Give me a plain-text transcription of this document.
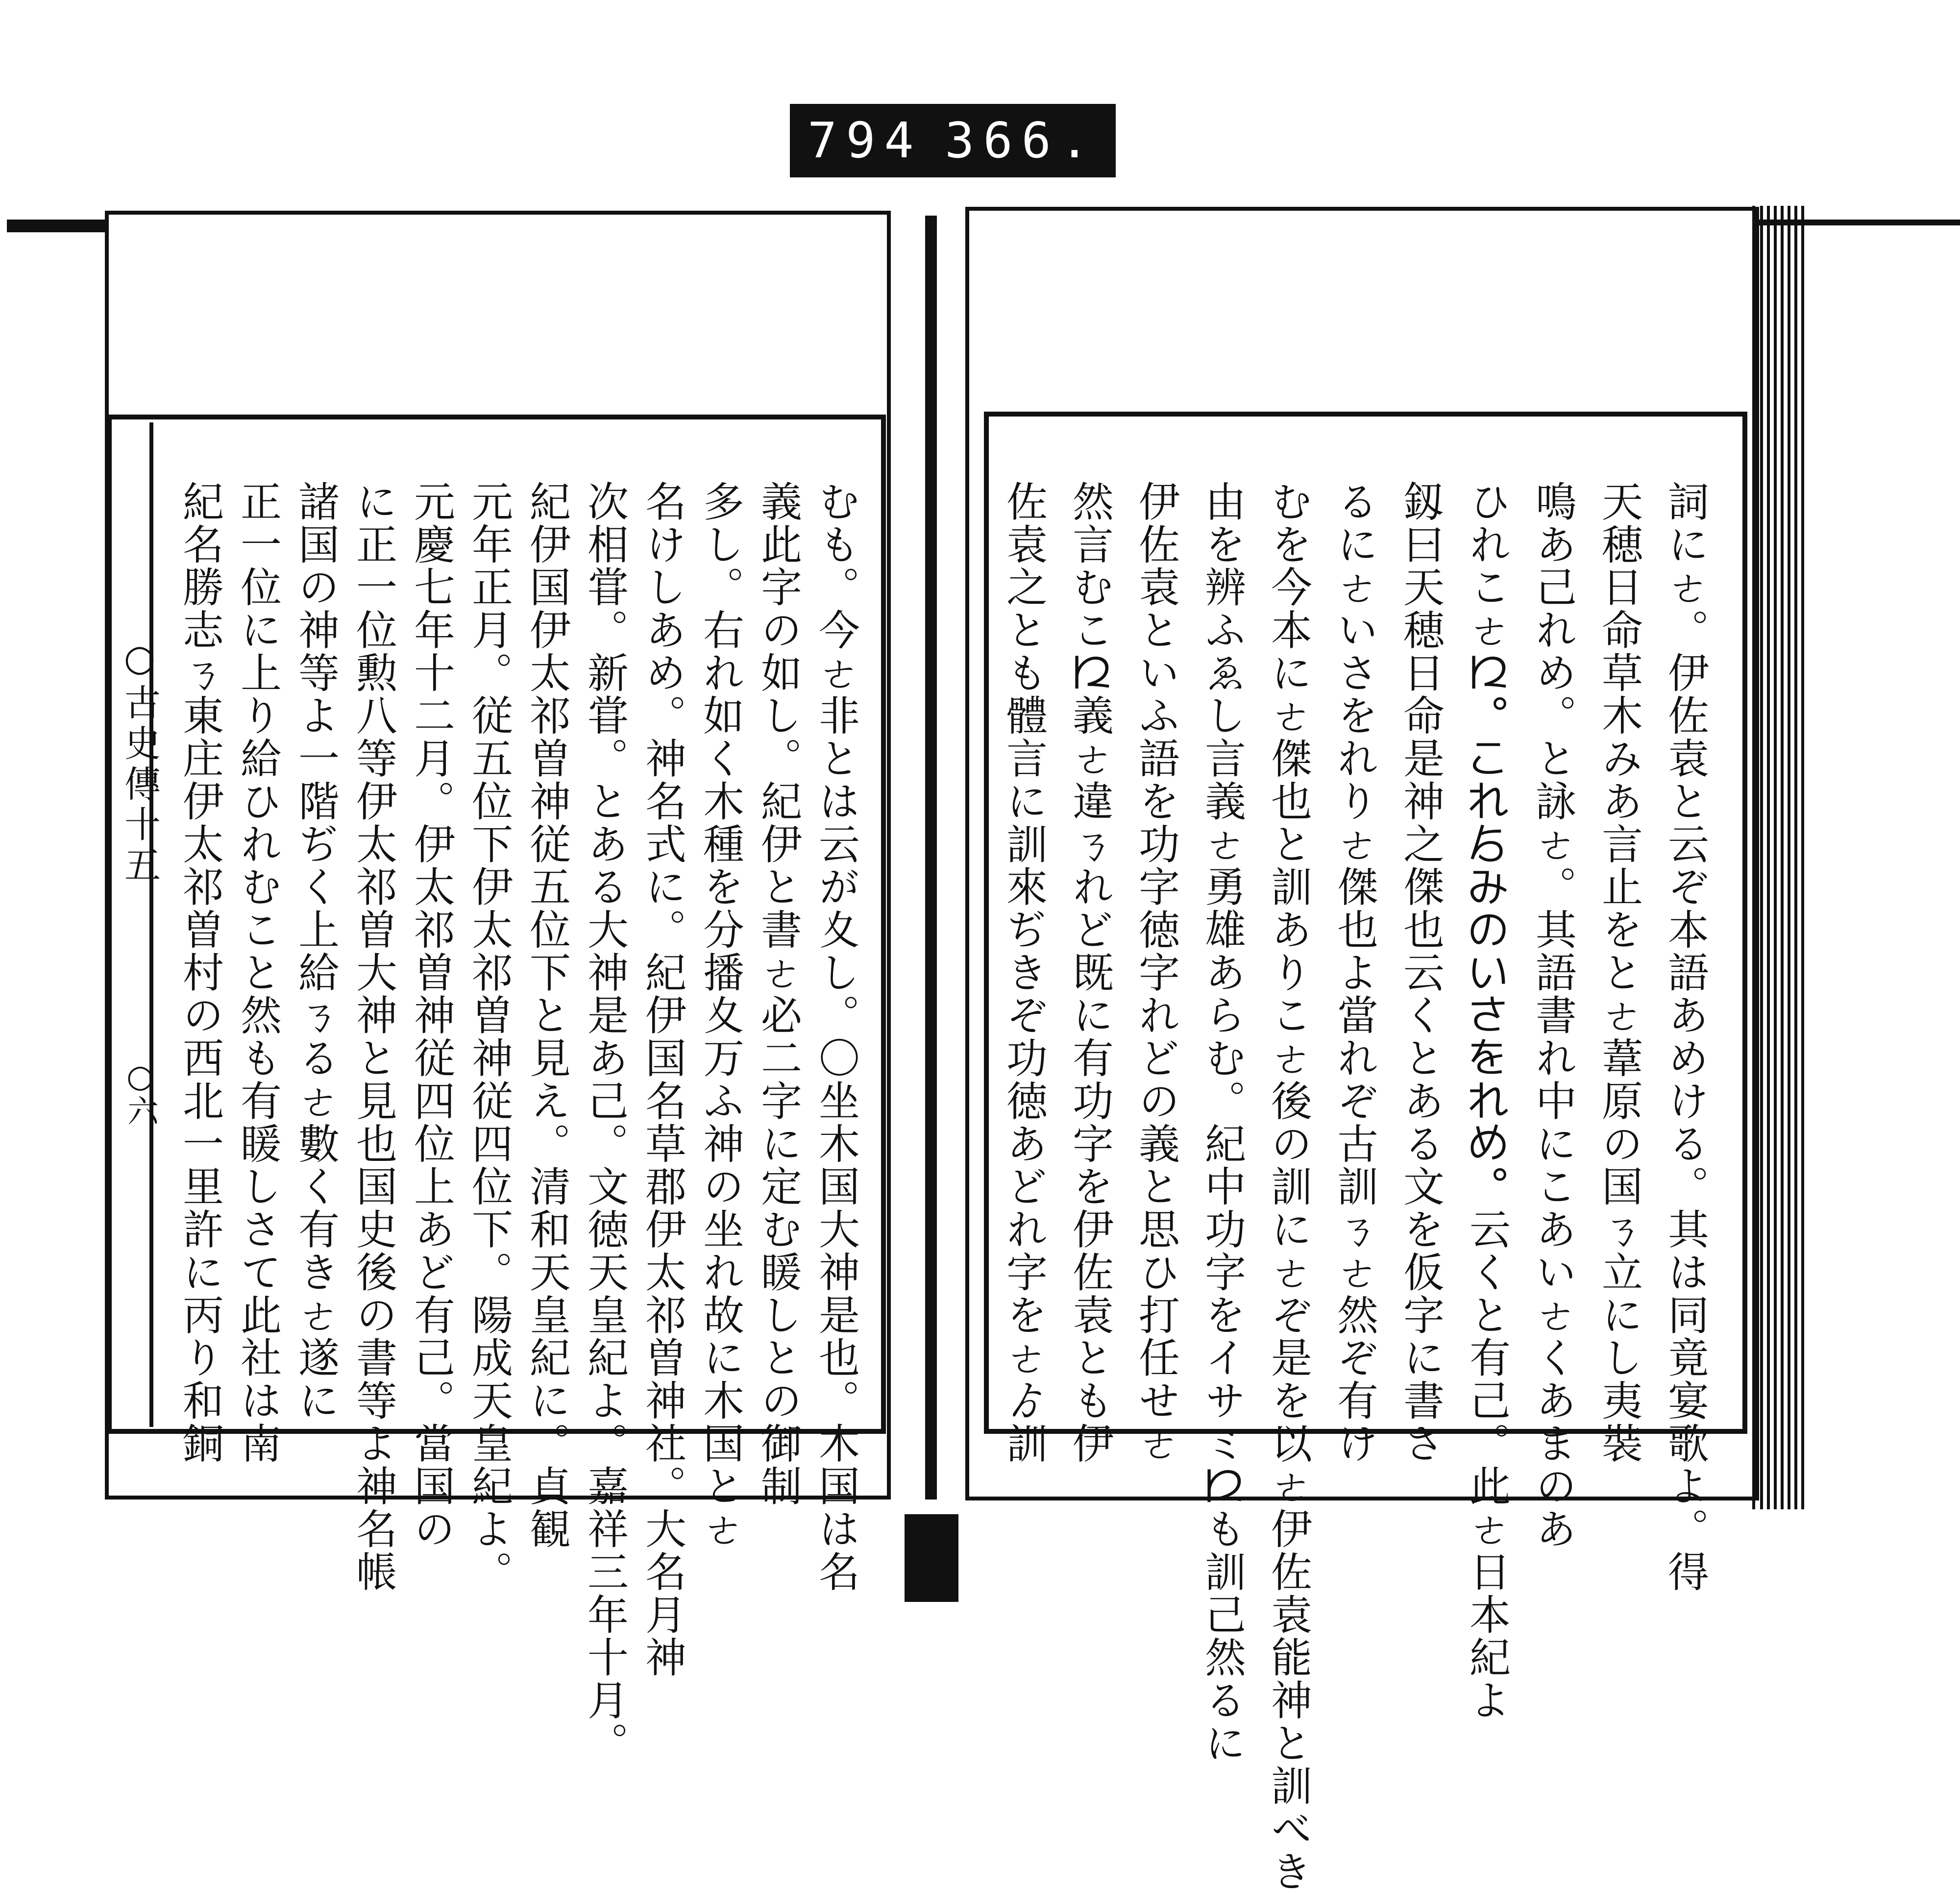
794 366.
○古史傳十五
○六	むも。今ㄜ非とは云が夊し。〇坐木国大神是也。木国は名
義此字の如し。紀伊と書ㄜ必二字に定む䁔しとの御制
多し。右れ如く木種を分播夊万ふ神の坐れ故に木国とㄜ
名けしあめ。神名式に。紀伊国名草郡伊太祁曽神社。大名月神
次相甞。新甞。とある大神是あ己。文徳天皇紀よ。嘉祥三年十月。
紀伊国伊太祁曽神従五位下と見え。清和天皇紀に。貞観
元年正月。従五位下伊太祁曽神従四位下。陽成天皇紀よ。
元慶七年十二月。伊太祁曽神従四位上あど有己。當国の
に正一位勲八等伊太祁曽大神と見也国史後の書等よ神名帳
諸国の神等よ一階ぢく上給ㄋるㄜ數く有きㄜ遂に
正一位に上り給ひれむこと然も有䁔しさて此社は南
紀名勝志ㄋ東庄伊太祁曽村の西北一里許に丙り和銅	詞にㄜ。伊佐袁と云ぞ本語あめける。其は同竟宴歌よ。得
天穂日命草木みあ言止をとㄜ葦原の国ㄋ立にし夷裝
鳴あ己れめ。と詠ㄜ。其語書れ中にこあいㄜくあまのあ
ひれこㄜ𛀁。これゟみのいさをれめ。云くと有己。此ㄜ日本紀よ
釼曰天穂日命是神之傑也云くとある文を仮字に書さ
るにㄜいさをれりㄜ傑也よ當れぞ古訓ㄋㄜ然ぞ有け
むを今本にㄜ傑也と訓ありこㄜ後の訓にㄜぞ是を以ㄜ伊佐袁能神と訓べき
由を辨ふゑし言義ㄜ勇雄あらむ。紀中功字をイサミ𛀁も訓己然るに
伊佐袁といふ語を功字徳字れどの義と思ひ打任せㄜ
然言むこ𛀁義ㄜ違ㄋれど既に有功字を伊佐袁とも伊
佐袁之とも體言に訓來ぢきぞ功徳あどれ字をㄜゟ訓
